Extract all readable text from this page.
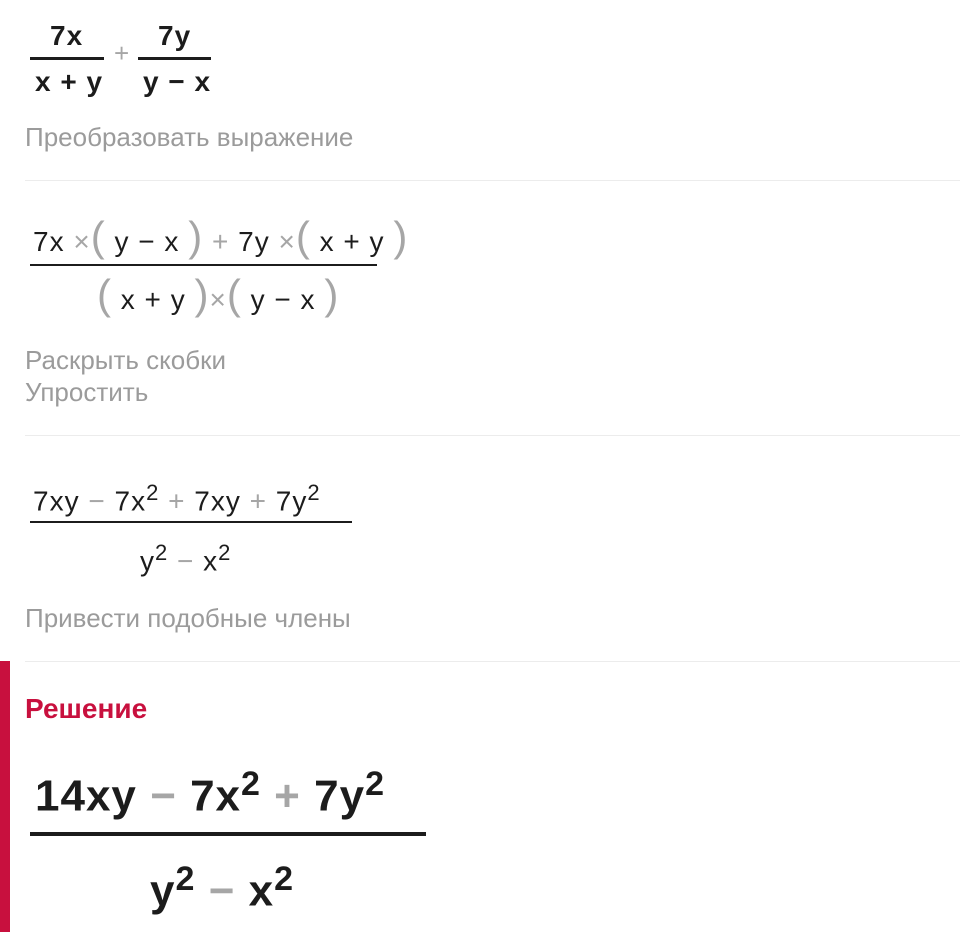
7x
x + y
+
7y
y − x
Преобразовать выражение
7x ×( y − x ) + 7y ×( x + y )
( x + y )×( y − x )
Раскрыть скобки
Упростить
$7xy - 7x^2 + 7xy + 7y^2$
$y^2 - x^2$
Привести подобные члены
Решение
$14xy - 7x^2 + 7y^2$
$y^2 - x^2$
